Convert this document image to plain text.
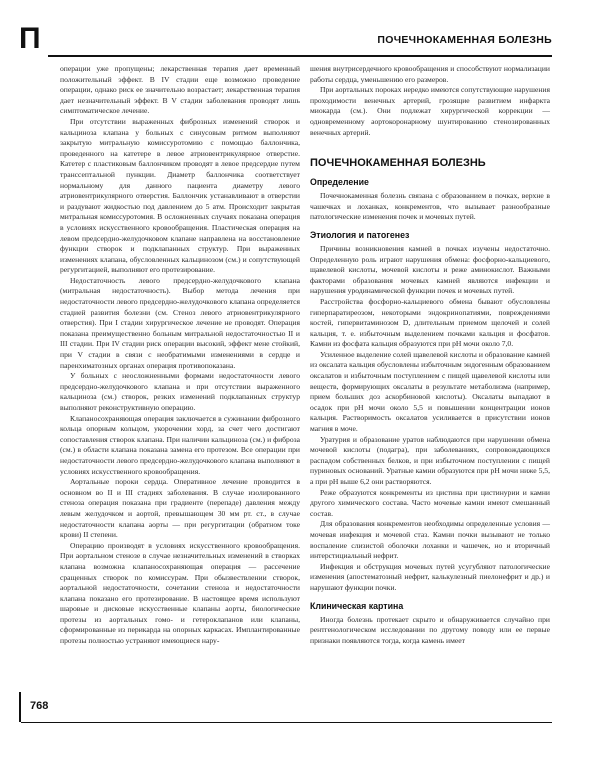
П	ПОЧЕЧНОКАМЕННАЯ БОЛЕЗНЬ

операции уже пропущены; лекарственная терапия дает временный положительный эффект. В IV стадии еще возможно проведение операции, однако риск ее значительно возрастает; лекарственная терапия дает незначительный эффект. В V стадии заболевания проводят лишь симптоматическое лечение.

При отсутствии выраженных фиброзных изменений створок и кальциноза клапана у больных с синусовым ритмом выполняют закрытую митральную комиссуротомию с помощью баллончика, проведенного на катетере в левое атриовентрикулярное отверстие. Катетер с пластиковым баллончиком проводят в левое предсердие путем транссептальной пункции. Диаметр баллончика соответствует нормальному для данного пациента диаметру левого атриовентрикулярного отверстия. Баллончик устанавливают в отверстии и раздувают жидкостью под давлением до 5 атм. Происходит закрытая митральная комиссуротомия. В осложненных случаях показана операция в условиях искусственного кровообращения. Пластическая операция на левом предсердно-желудочковом клапане направлена на восстановление функции створок и подклапанных структур. При выраженных изменениях клапана, обусловленных кальцинозом (см.) и сопутствующей регургитацией, выполняют его протезирование.

Недостаточность левого предсердно-желудочкового клапана (митральная недостаточность). Выбор метода лечения при недостаточности левого предсердно-желудочкового клапана определяется стадией развития болезни (см. Стеноз левого атриовентрикулярного отверстия). При I стадии хирургическое лечение не проводят. Операция показана преимущественно больным митральной недостаточностью II и III стадии. При IV стадии риск операции высокий, эффект мене стойкий, при V стадии в связи с необратимыми изменениями в сердце и паренхиматозных органах операция противопоказана.

У больных с неосложненными формами недостаточности левого предсердно-желудочкового клапана и при отсутствии выраженного кальциноза (см.) створок, резких изменений подклапанных структур выполняют реконструктивную операцию.

Клапаносохраняющая операция заключается в сужинании фиброзного кольца опорным кольцом, укорочении хорд, за счет чего достигают сопоставления створок клапана. При наличии кальциноза (см.) и фиброза (см.) в области клапана показана замена его протезом. Все операции при недостаточности левого предсердно-желудочкового клапана выполняют в условиях искусственного кровообращения.

Аортальные пороки сердца. Оперативное лечение проводится в основном во II и III стадиях заболевания. В случае изолированного стеноза операция показана при градиенте (перепаде) давления между левым желудочком и аортой, превышающем 30 мм рт. ст., в случае недостаточности клапана аорты — при регургитации (обратном токе крови) II степени.

Операцию производят в условиях искусственного кровообращения. При аортальном стенозе в случае незначительных изменений в створках клапана возможна клапаносохраняющая операция — рассечение сращенных створок по комиссурам. При обызвествлении створок, аортальной недостаточности, сочетании стеноза и недостаточности клапана показано его протезирование. В настоящее время используют шаровые и дисковые искусственные клапаны аорты, биологические протезы из аортальных гомо- и гетероклапанов или клапаны, сформированные из перикарда на опорных каркасах. Имплантированные протезы полностью устраняют имеющиеся нару-

шения внутрисердечного кровообращения и способствуют нормализации работы сердца, уменьшению его размеров.

При аортальных пороках нередко имеются сопутствующие нарушения проходимости венечных артерий, грозящие развитием инфаркта миокарда (см.). Они подлежат хирургической коррекции — одновременному аортокоронарному шунтированию стенозированных венечных артерий.

ПОЧЕЧНОКАМЕННАЯ БОЛЕЗНЬ
Определение

Почечнокаменная болезнь связана с образованием в почках, верхне в чашечках и лоханках, конкрементов, что вызывает разнообразные патологические изменения почек и мочевых путей.

Этиология и патогенез

Причины возникновения камней в почках изучены недостаточно. Определенную роль играют нарушения обмена: фосфорно-кальциевого, щавелевой кислоты, мочевой кислоты и реже аминокислот. Важными факторами образования мочевых камней являются инфекции и нарушения уродинамической функции почек и мочевых путей.

Расстройства фосфорно-кальциевого обмена бывают обусловлены гиперпаратиреозом, некоторыми эндокринопатиями, повреждениями костей, гипервитаминозом D, длительным приемом щелочей и солей кальция, т. е. избыточным выделением почками кальция и фосфатов. Камни из фосфата кальция образуются при pH мочи около 7,0.

Усиленное выделение солей щавелевой кислоты и образование камней из оксалата кальция обусловлены избыточным эндогенным образованием оксалатов и избыточным поступлением с пищей щавелевой кислоты или веществ, формирующих оксалаты в результате метаболизма (например, прием больших доз аскорбиновой кислоты). Оксалаты выпадают в осадок при pH мочи около 5,5 и повышении концентрации ионов кальция. Растворимость оксалатов усиливается в присутствии ионов магния в моче.

Уратурия и образование уратов наблюдаются при нарушении обмена мочевой кислоты (подагра), при заболеваниях, сопровождающихся распадом собственных белков, и при избыточном поступлении с пищей пуриновых оснований. Уратные камни образуются при pH мочи ниже 5,5, а при pH выше 6,2 они растворяются.

Реже образуются конкременты из цистина при цистинурии и камни другого химического состава. Часто мочевые камни имеют смешанный состав.

Для образования конкрементов необходимы определенные условия — мочевая инфекция и мочевой стаз. Камни почки вызывают не только воспаление слизистой оболочки лоханки и чашечек, но и вторичный интерстициальный нефрит.

Инфекция и обструкция мочевых путей усугубляют патологические изменения (апостематозный нефрит, калькулезный пиелонефрит и др.) и нарушают функции почки.

Клиническая картина

Иногда болезнь протекает скрыто и обнаруживается случайно при рентгенологическом исследовании по другому поводу или ее первые признаки появляются тогда, когда камень имеет

768
